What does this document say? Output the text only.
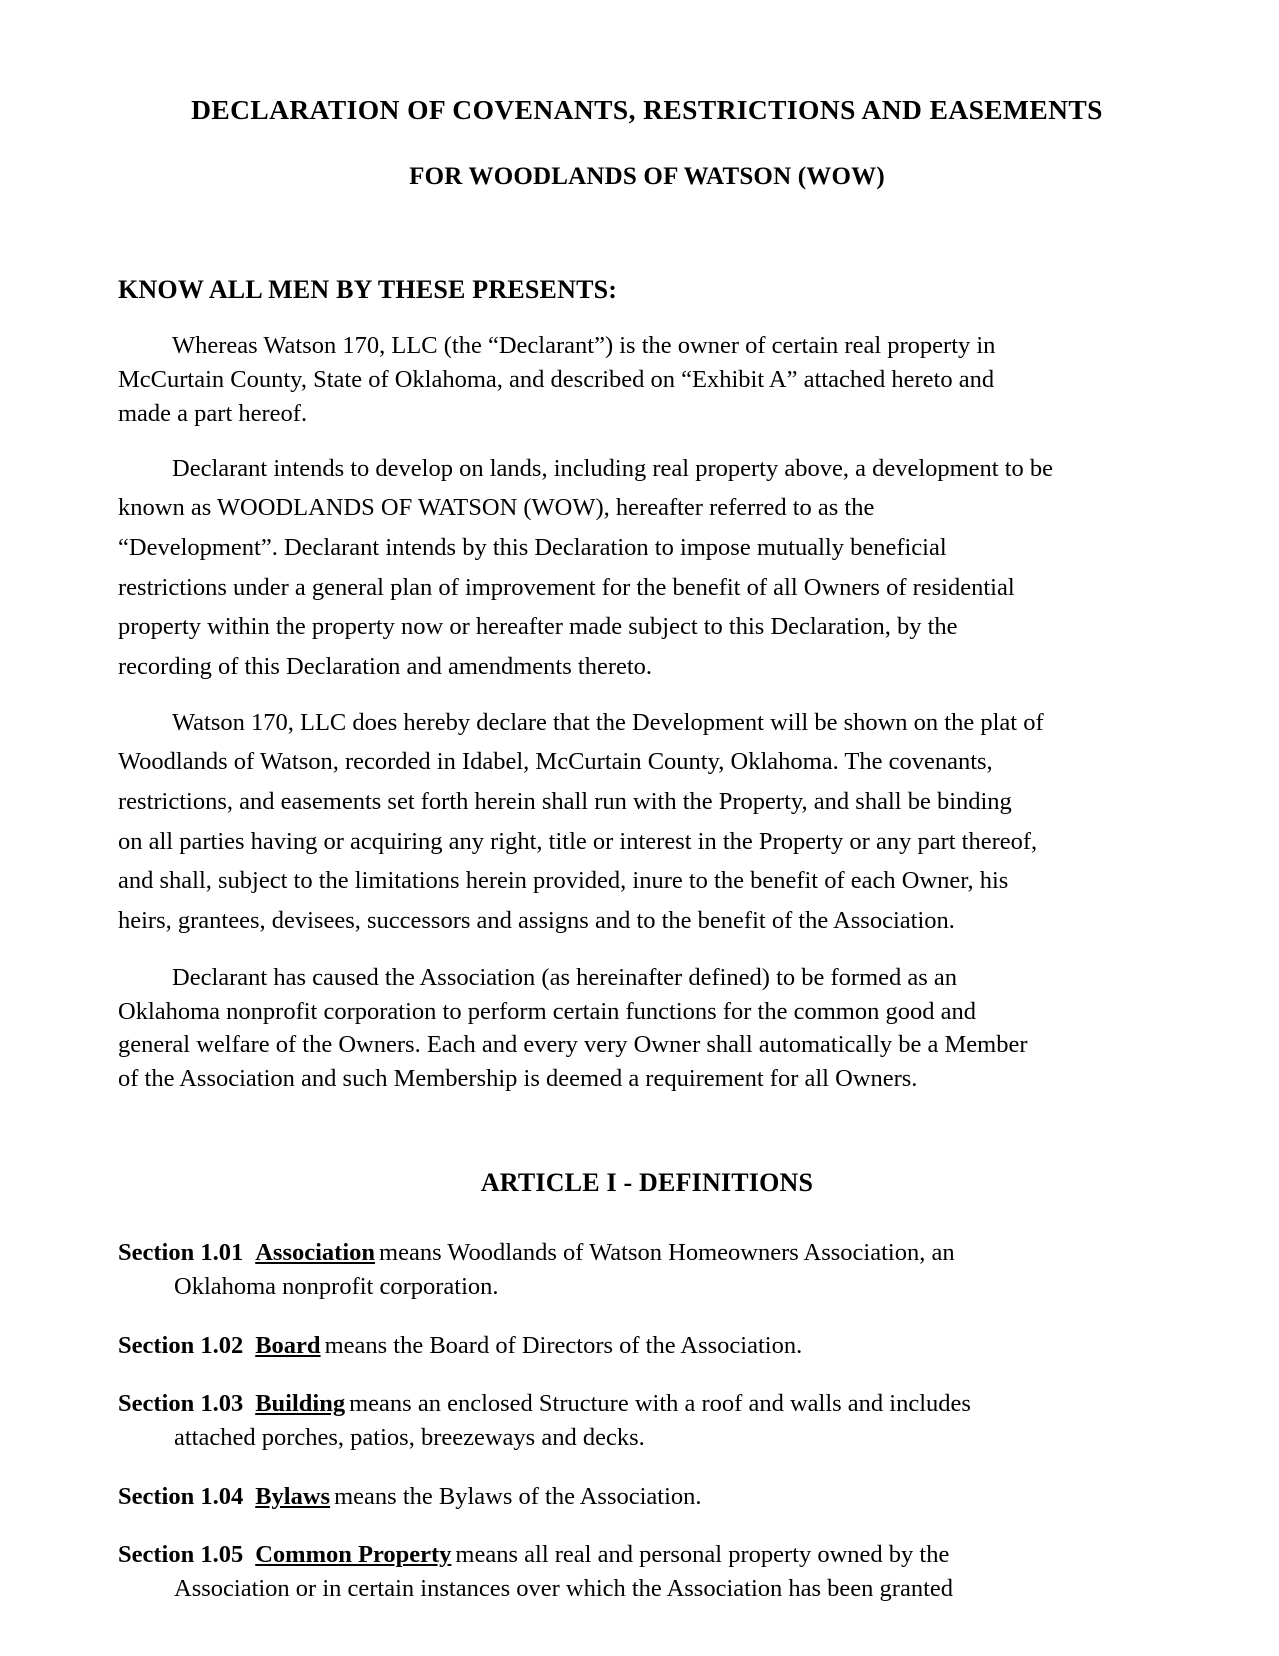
DECLARATION OF COVENANTS, RESTRICTIONS AND EASEMENTS
FOR WOODLANDS OF WATSON (WOW)

KNOW ALL MEN BY THESE PRESENTS:

Whereas Watson 170, LLC (the “Declarant”) is the owner of certain real property in
McCurtain County, State of Oklahoma, and described on “Exhibit A” attached hereto and
made a part hereof.
Declarant intends to develop on lands, including real property above, a development to be
known as WOODLANDS OF WATSON (WOW), hereafter referred to as the
“Development”. Declarant intends by this Declaration to impose mutually beneficial
restrictions under a general plan of improvement for the benefit of all Owners of residential
property within the property now or hereafter made subject to this Declaration, by the
recording of this Declaration and amendments thereto.
Watson 170, LLC does hereby declare that the Development will be shown on the plat of
Woodlands of Watson, recorded in Idabel, McCurtain County, Oklahoma. The covenants,
restrictions, and easements set forth herein shall run with the Property, and shall be binding
on all parties having or acquiring any right, title or interest in the Property or any part thereof,
and shall, subject to the limitations herein provided, inure to the benefit of each Owner, his
heirs, grantees, devisees, successors and assigns and to the benefit of the Association.
Declarant has caused the Association (as hereinafter defined) to be formed as an
Oklahoma nonprofit corporation to perform certain functions for the common good and
general welfare of the Owners. Each and every very Owner shall automatically be a Member
of the Association and such Membership is deemed a requirement for all Owners.
ARTICLE I - DEFINITIONS

Section 1.01 Association means Woodlands of Watson Homeowners Association, an
Oklahoma nonprofit corporation.

Section 1.02 Board means the Board of Directors of the Association.

Section 1.03 Building means an enclosed Structure with a roof and walls and includes
attached porches, patios, breezeways and decks.

Section 1.04 Bylaws means the Bylaws of the Association.

Section 1.05 Common Property means all real and personal property owned by the
Association or in certain instances over which the Association has been granted
